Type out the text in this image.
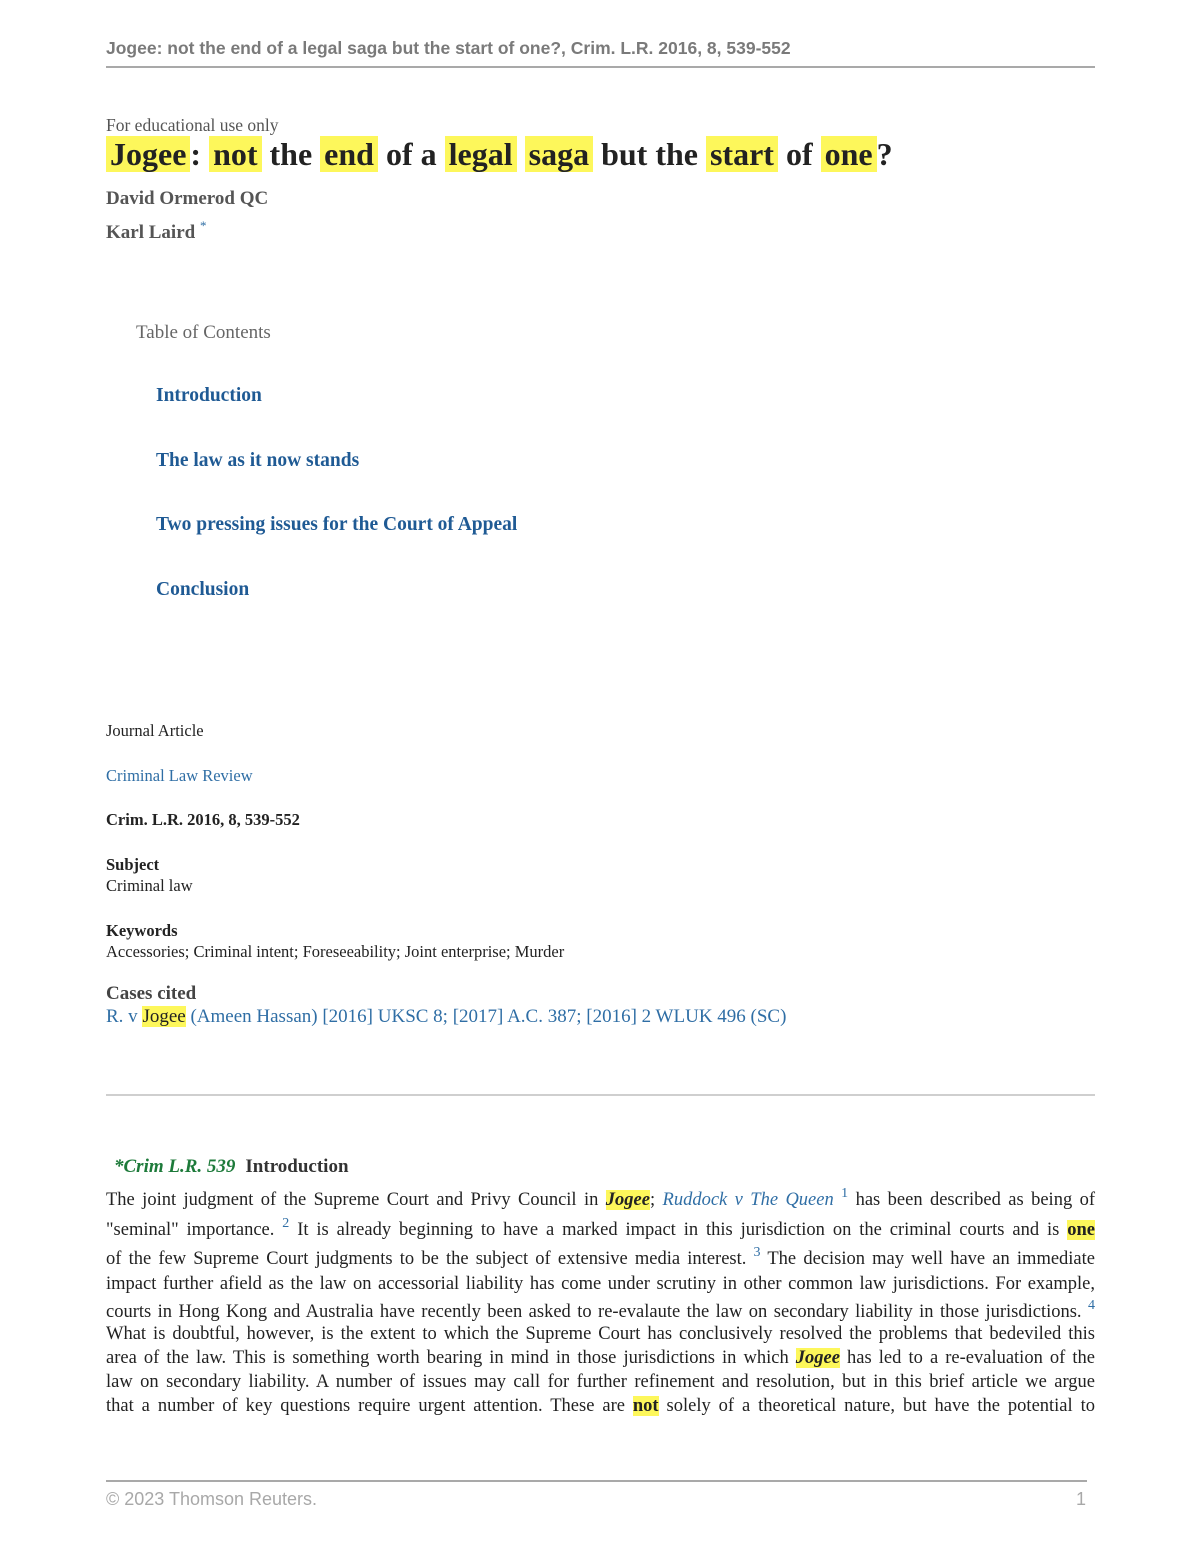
Jogee: not the end of a legal saga but the start of one?, Crim. L.R. 2016, 8, 539-552
For educational use only
Jogee : not the end of a legal saga but the start of one ?
David Ormerod QC
Karl Laird *
Table of Contents
Introduction
The law as it now stands
Two pressing issues for the Court of Appeal
Conclusion
Journal Article
Criminal Law Review
Crim. L.R. 2016, 8, 539-552
Subject
Criminal law
Keywords
Accessories; Criminal intent; Foreseeability; Joint enterprise; Murder
Cases cited
R. v Jogee (Ameen Hassan) [2016] UKSC 8; [2017] A.C. 387; [2016] 2 WLUK 496 (SC)
*Crim L.R. 539 Introduction
The joint judgment of the Supreme Court and Privy Council in Jogee; Ruddock v The Queen $^1$ has been described as being of
"seminal" importance. $^2$ It is already beginning to have a marked impact in this jurisdiction on the criminal courts and is one
of the few Supreme Court judgments to be the subject of extensive media interest. $^3$ The decision may well have an immediate
impact further afield as the law on accessorial liability has come under scrutiny in other common law jurisdictions. For example,
courts in Hong Kong and Australia have recently been asked to re-evalaute the law on secondary liability in those jurisdictions. $^4$
What is doubtful, however, is the extent to which the Supreme Court has conclusively resolved the problems that bedeviled this
area of the law. This is something worth bearing in mind in those jurisdictions in which Jogee has led to a re-evaluation of the
law on secondary liability. A number of issues may call for further refinement and resolution, but in this brief article we argue
that a number of key questions require urgent attention. These are not solely of a theoretical nature, but have the potential to
© 2023 Thomson Reuters.	1
